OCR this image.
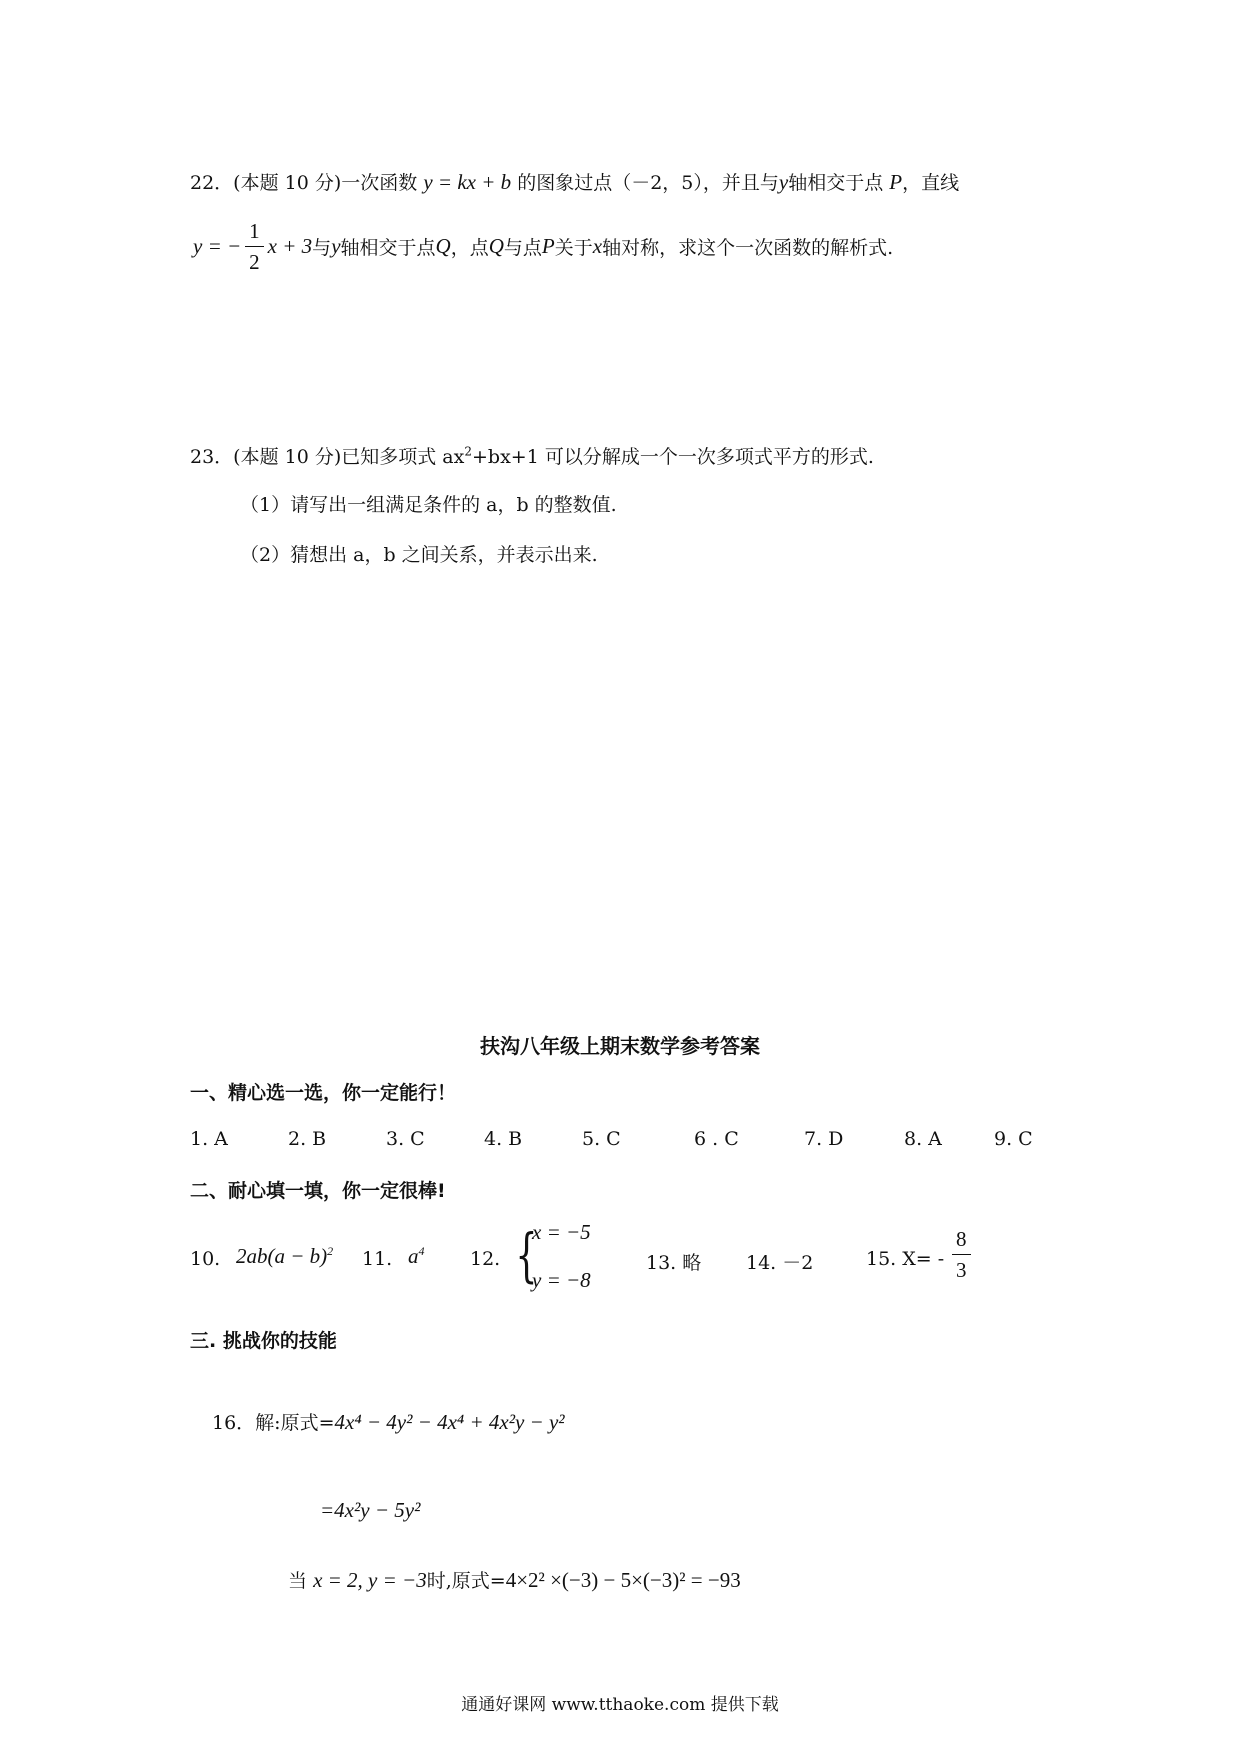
22．(本题 10 分)一次函数 y = kx + b 的图象过点（－2，5），并且与y轴相交于点 P，直线
y = − $\frac{1}{2}$ x + 3 与 y 轴相交于点 Q ，点 Q 与点 P 关于 x 轴对称，求这个一次函数的解析式.
23．(本题 10 分)已知多项式 $ax^2+bx+1$ 可以分解成一个一次多项式平方的形式.
（1）请写出一组满足条件的 a，b 的整数值.
（2）猜想出 a，b 之间关系，并表示出来.
扶沟八年级上期末数学参考答案
一、精心选一选，你一定能行！
1. A	2. B	3. C	4. B	5. C	6 . C	7. D	8. A	9. C
二、耐心填一填，你一定很棒!
10. $2ab(a - b)^2$ 11. $a^4$ 12. {
x = −5
y = −8
13. 略 14. －2	15. $X= - \frac{8}{3}$
三. 挑战你的技能
16．解:原式=4x⁴ − 4y² − 4x⁴ + 4x²y − y²
=4x²y − 5y²
当 x = 2, y = −3时,原式=4×2² ×(−3) − 5×(−3)² = −93
通通好课网 www.tthaoke.com 提供下载
